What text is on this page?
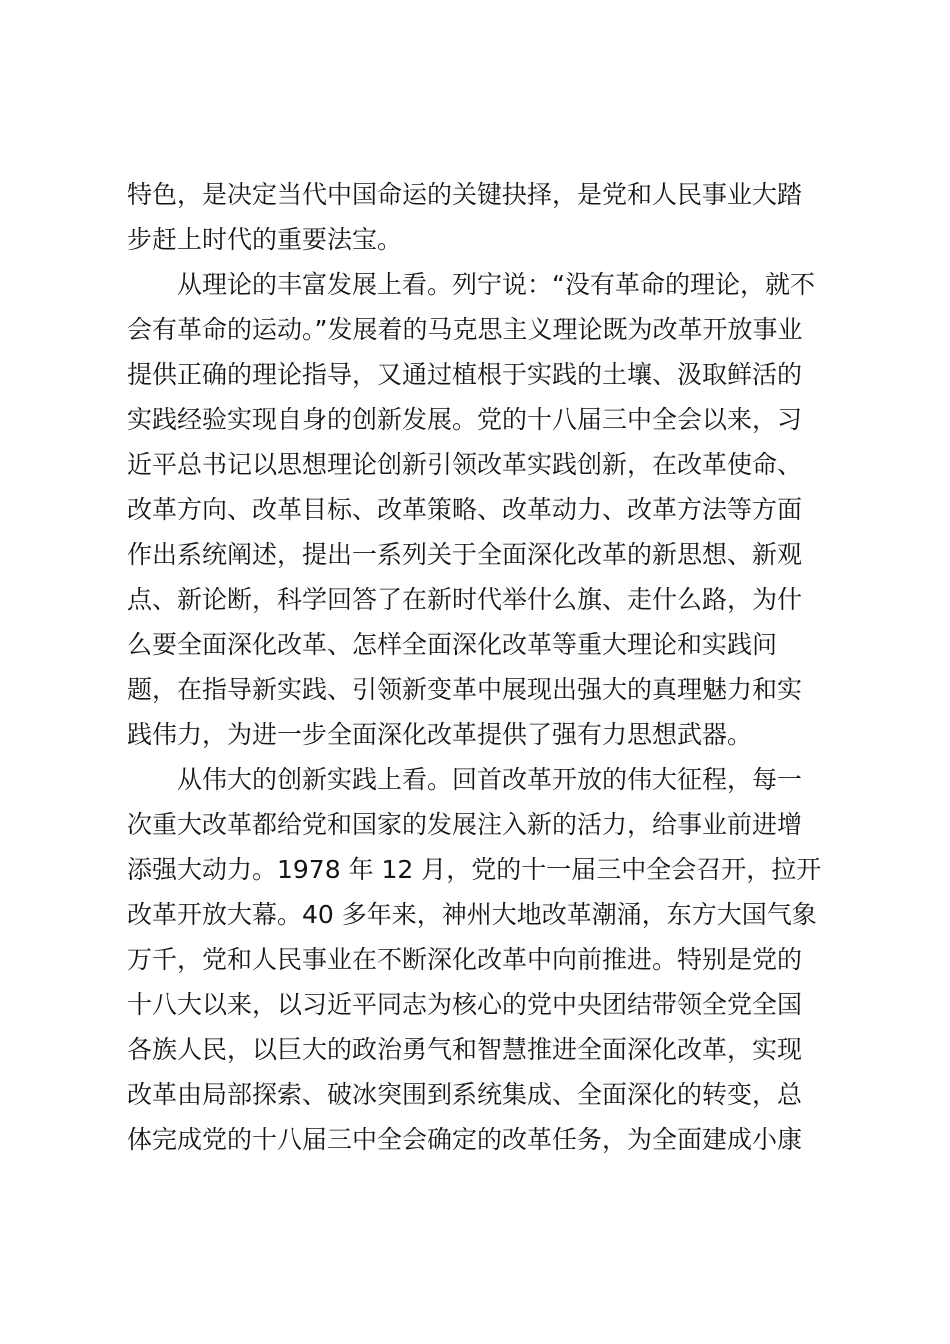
特色，是决定当代中国命运的关键抉择，是党和人民事业大踏
步赶上时代的重要法宝。
从理论的丰富发展上看。列宁说：“没有革命的理论，就不
会有革命的运动。”发展着的马克思主义理论既为改革开放事业
提供正确的理论指导，又通过植根于实践的土壤、汲取鲜活的
实践经验实现自身的创新发展。党的十八届三中全会以来，习
近平总书记以思想理论创新引领改革实践创新，在改革使命、
改革方向、改革目标、改革策略、改革动力、改革方法等方面
作出系统阐述，提出一系列关于全面深化改革的新思想、新观
点、新论断，科学回答了在新时代举什么旗、走什么路，为什
么要全面深化改革、怎样全面深化改革等重大理论和实践问
题，在指导新实践、引领新变革中展现出强大的真理魅力和实
践伟力，为进一步全面深化改革提供了强有力思想武器。
从伟大的创新实践上看。回首改革开放的伟大征程，每一
次重大改革都给党和国家的发展注入新的活力，给事业前进增
添强大动力。1978 年 12 月，党的十一届三中全会召开，拉开
改革开放大幕。40 多年来，神州大地改革潮涌，东方大国气象
万千，党和人民事业在不断深化改革中向前推进。特别是党的
十八大以来，以习近平同志为核心的党中央团结带领全党全国
各族人民，以巨大的政治勇气和智慧推进全面深化改革，实现
改革由局部探索、破冰突围到系统集成、全面深化的转变，总
体完成党的十八届三中全会确定的改革任务，为全面建成小康
